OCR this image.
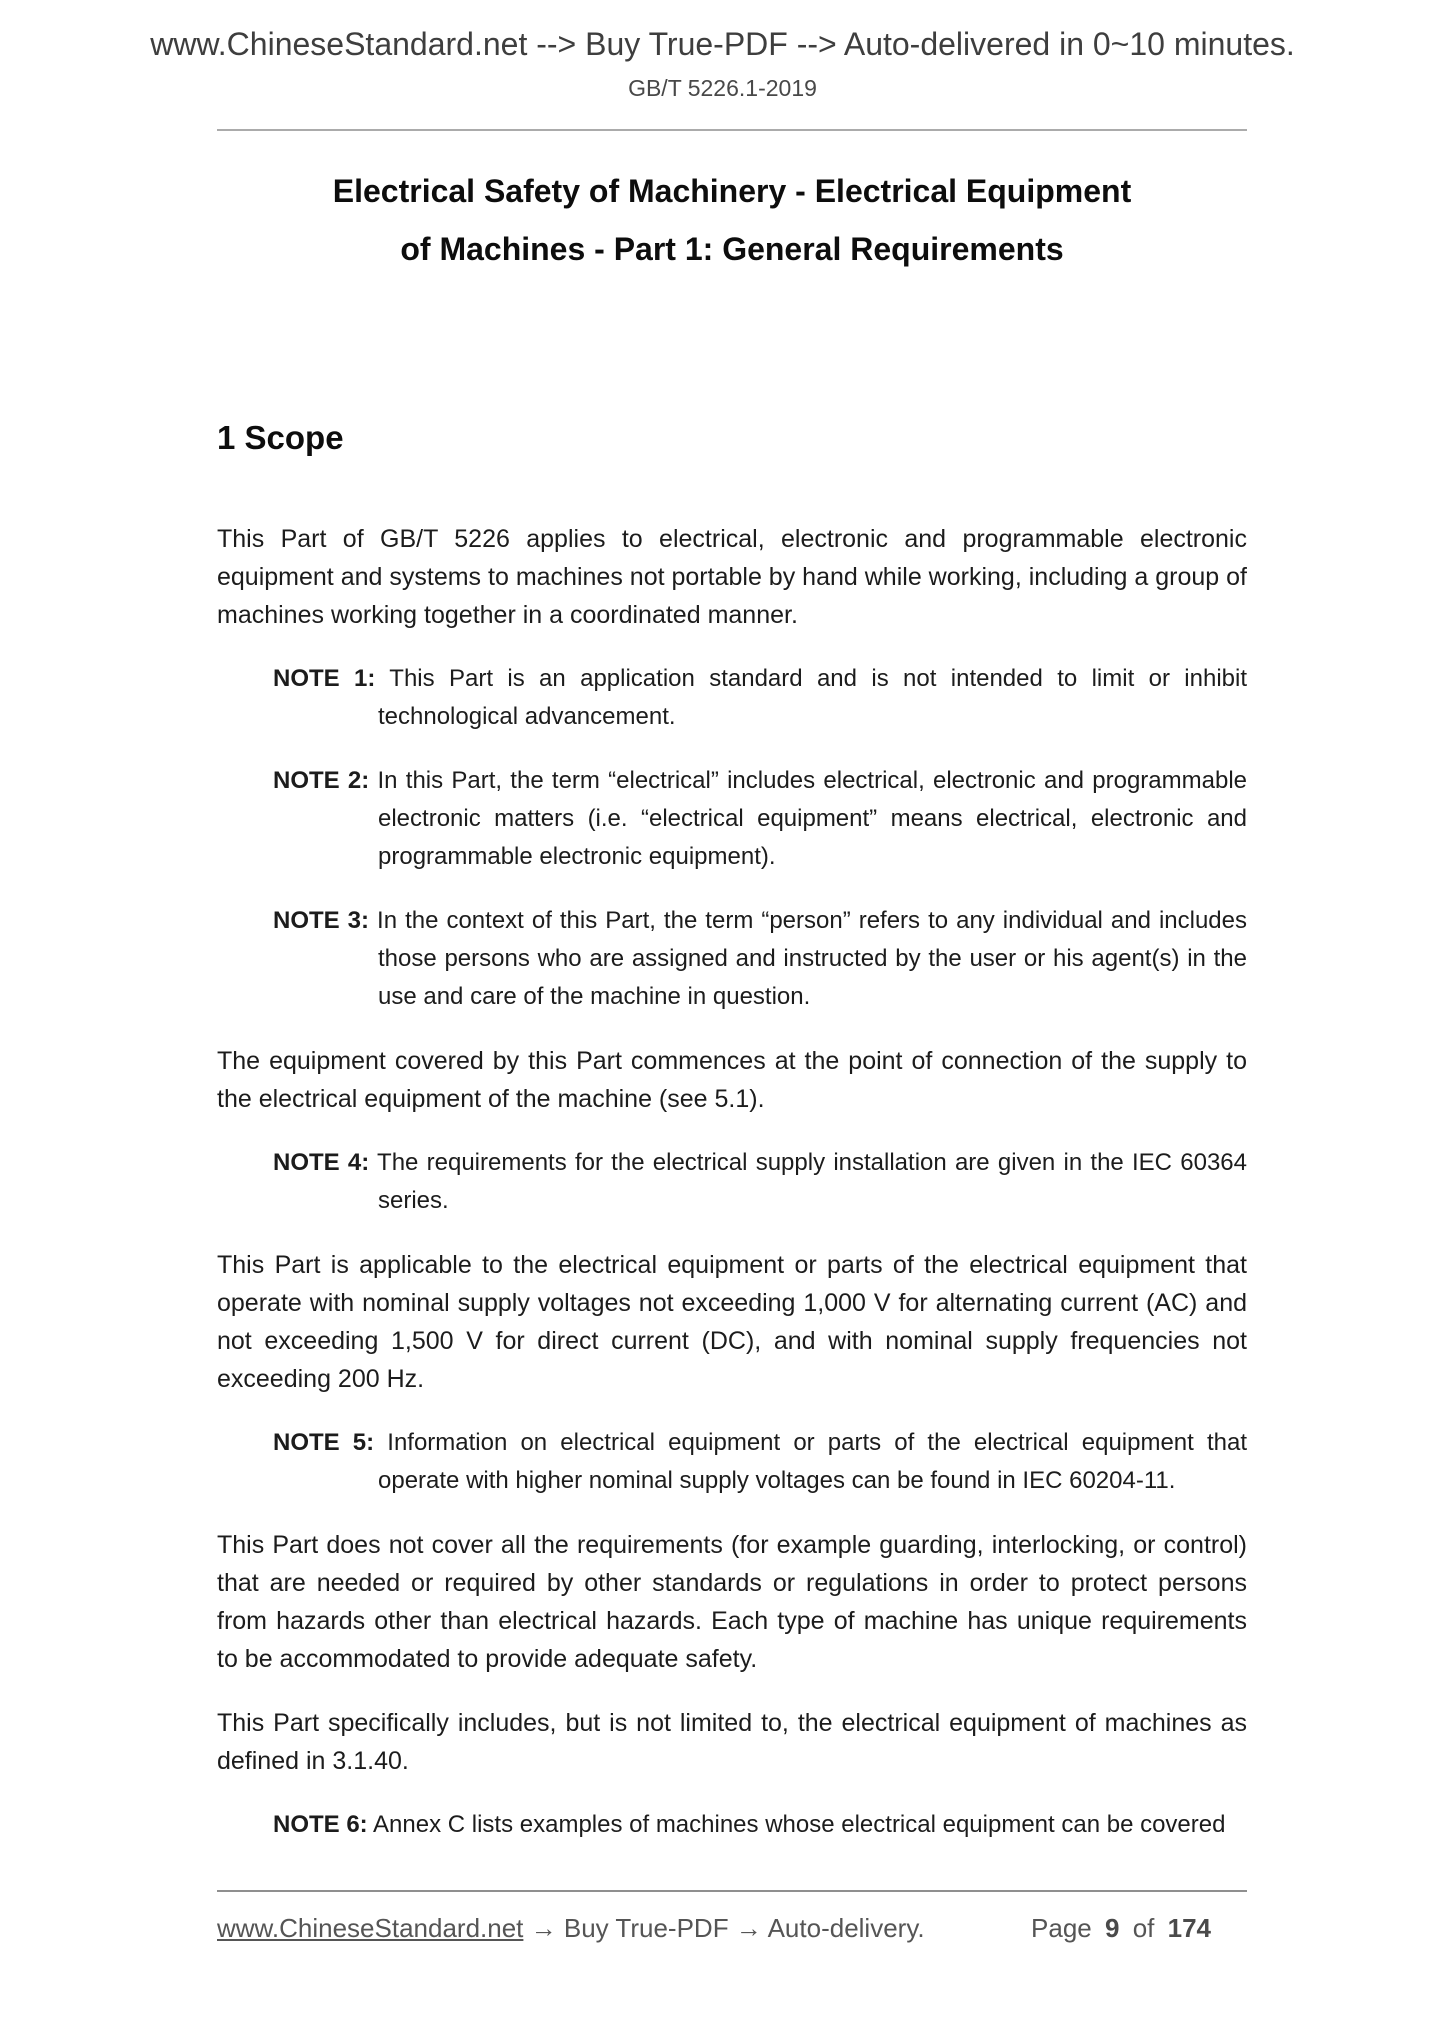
www.ChineseStandard.net --> Buy True-PDF --> Auto-delivered in 0~10 minutes.
GB/T 5226.1-2019
Electrical Safety of Machinery - Electrical Equipment
of Machines - Part 1: General Requirements
1 Scope

This Part of GB/T 5226 applies to electrical, electronic and programmable electronic equipment and systems to machines not portable by hand while working, including a group of machines working together in a coordinated manner.

NOTE 1: This Part is an application standard and is not intended to limit or inhibit technological advancement.

NOTE 2: In this Part, the term “electrical” includes electrical, electronic and programmable electronic matters (i.e. “electrical equipment” means electrical, electronic and programmable electronic equipment).

NOTE 3: In the context of this Part, the term “person” refers to any individual and includes those persons who are assigned and instructed by the user or his agent(s) in the use and care of the machine in question.

The equipment covered by this Part commences at the point of connection of the supply to the electrical equipment of the machine (see 5.1).

NOTE 4: The requirements for the electrical supply installation are given in the IEC 60364 series.

This Part is applicable to the electrical equipment or parts of the electrical equipment that operate with nominal supply voltages not exceeding 1,000 V for alternating current (AC) and not exceeding 1,500 V for direct current (DC), and with nominal supply frequencies not exceeding 200 Hz.

NOTE 5: Information on electrical equipment or parts of the electrical equipment that operate with higher nominal supply voltages can be found in IEC 60204-11.

This Part does not cover all the requirements (for example guarding, interlocking, or control) that are needed or required by other standards or regulations in order to protect persons from hazards other than electrical hazards. Each type of machine has unique requirements to be accommodated to provide adequate safety.

This Part specifically includes, but is not limited to, the electrical equipment of machines as defined in 3.1.40.

NOTE 6: Annex C lists examples of machines whose electrical equipment can be covered

www.ChineseStandard.net → Buy True-PDF → Auto-delivery.	Page 9 of 174
